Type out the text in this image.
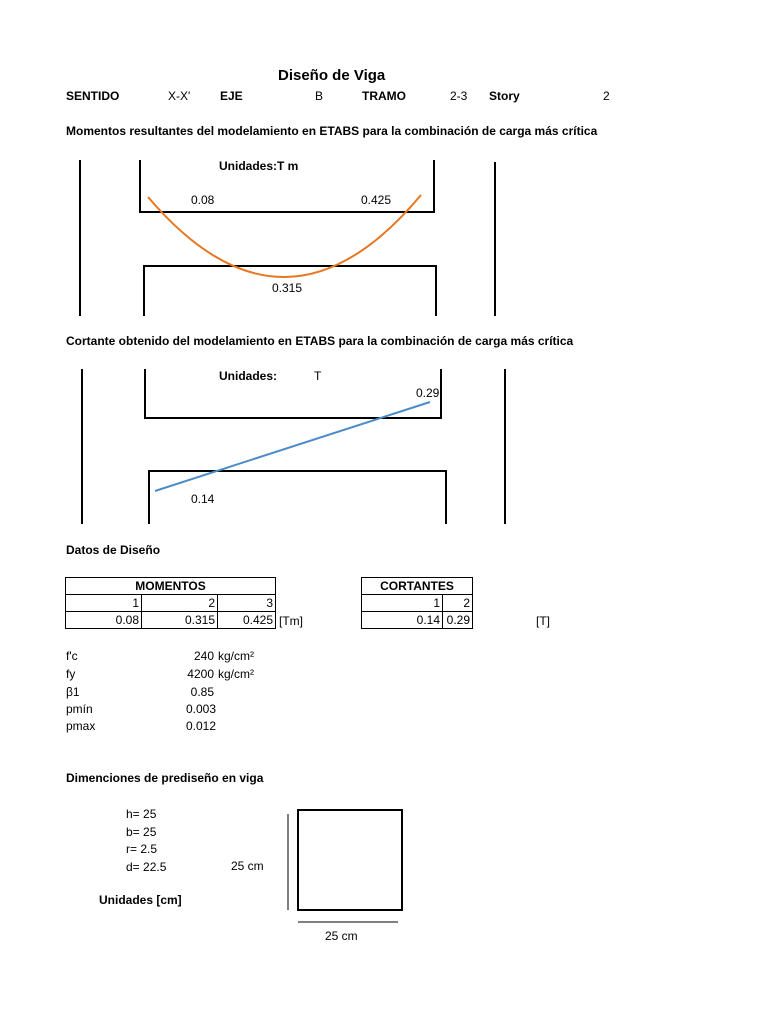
Diseño de Viga
SENTIDO	X-X' EJE	B	TRAMO	2-3 Story	2
Momentos resultantes del modelamiento en ETABS para la combinación de carga más crítica
Unidades:T m
0.08	0.425
0.315
Cortante obtenido del modelamiento en ETABS para la combinación de carga más crítica
Unidades:	T
0.29
0.14
Datos de Diseño
MOMENTOS		
1	2	3
0.08	0.315	0.425 [Tm]
CORTANTES	
1	2
0.14	0.29	[T]
f'c	240 kg/cm²
fy	4200 kg/cm²
β1	0.85
pmín	0.003
pmax	0.012
Dimenciones de prediseño en viga
h= 25
b= 25
r= 2.5
d= 22.5
Unidades [cm]
25 cm
25 cm
